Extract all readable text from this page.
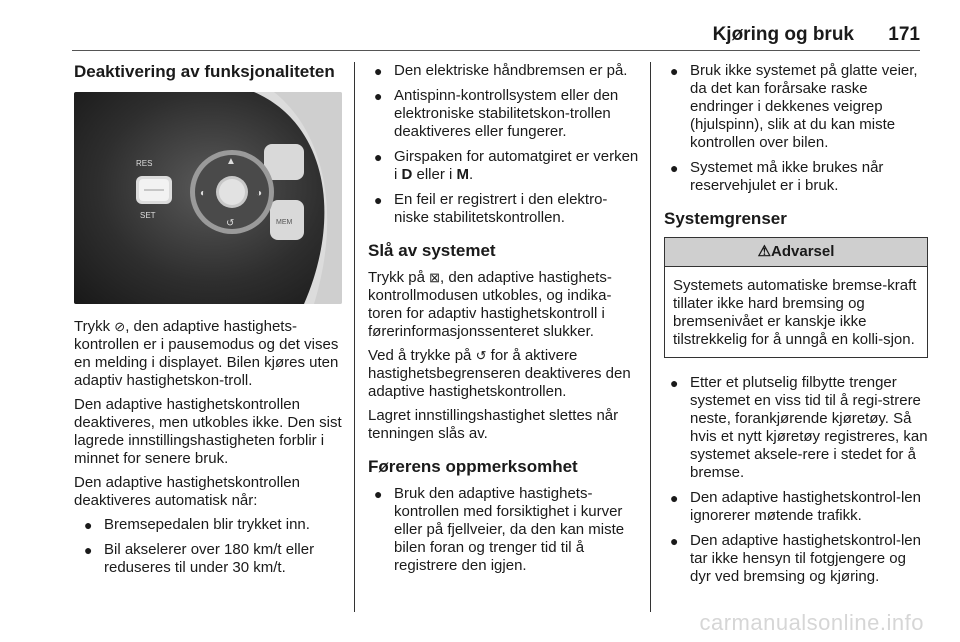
Kjøring og bruk 171
Deaktivering av funksjonaliteten
RES
SET
MEM
▲
◐	◑
↺

Trykk ⊘, den adaptive hastighets-kontrollen er i pausemodus og det vises en melding i displayet. Bilen kjøres uten adaptiv hastighetskon-troll.

Den adaptive hastighetskontrollen deaktiveres, men utkobles ikke. Den sist lagrede innstillingshastigheten forblir i minnet for senere bruk.

Den adaptive hastighetskontrollen deaktiveres automatisk når:

● Bremsepedalen blir trykket inn.
● Bil akselerer over 180 km/t eller reduseres til under 30 km/t.
● Den elektriske håndbremsen er på.
● Antispinn-kontrollsystem eller den elektroniske stabilitetskon-trollen deaktiveres eller fungerer.
● Girspaken for automatgiret er verken i D eller i M.
● En feil er registrert i den elektro-niske stabilitetskontrollen.
Slå av systemet

Trykk på ⊠, den adaptive hastighets-kontrollmodusen utkobles, og indika-toren for adaptiv hastighetskontroll i førerinformasjonssenteret slukker.

Ved å trykke på ↺ for å aktivere hastighetsbegrenseren deaktiveres den adaptive hastighetskontrollen.

Lagret innstillingshastighet slettes når tenningen slås av.

Førerens oppmerksomhet
● Bruk den adaptive hastighets-kontrollen med forsiktighet i kurver eller på fjellveier, da den kan miste bilen foran og trenger tid til å registrere den igjen.
● Bruk ikke systemet på glatte veier, da det kan forårsake raske endringer i dekkenes veigrep (hjulspinn), slik at du kan miste kontrollen over bilen.
● Systemet må ikke brukes når reservehjulet er i bruk.
Systemgrenser
⚠Advarsel
Systemets automatiske bremse-kraft tillater ikke hard bremsing og bremsenivået er kanskje ikke tilstrekkelig for å unngå en kolli-sjon.
● Etter et plutselig filbytte trenger systemet en viss tid til å regi-strere neste, forankjørende kjøretøy. Så hvis et nytt kjøretøy registreres, kan systemet aksele-rere i stedet for å bremse.
● Den adaptive hastighetskontrol-len ignorerer møtende trafikk.
● Den adaptive hastighetskontrol-len tar ikke hensyn til fotgjengere og dyr ved bremsing og kjøring.
carmanualsonline.info
